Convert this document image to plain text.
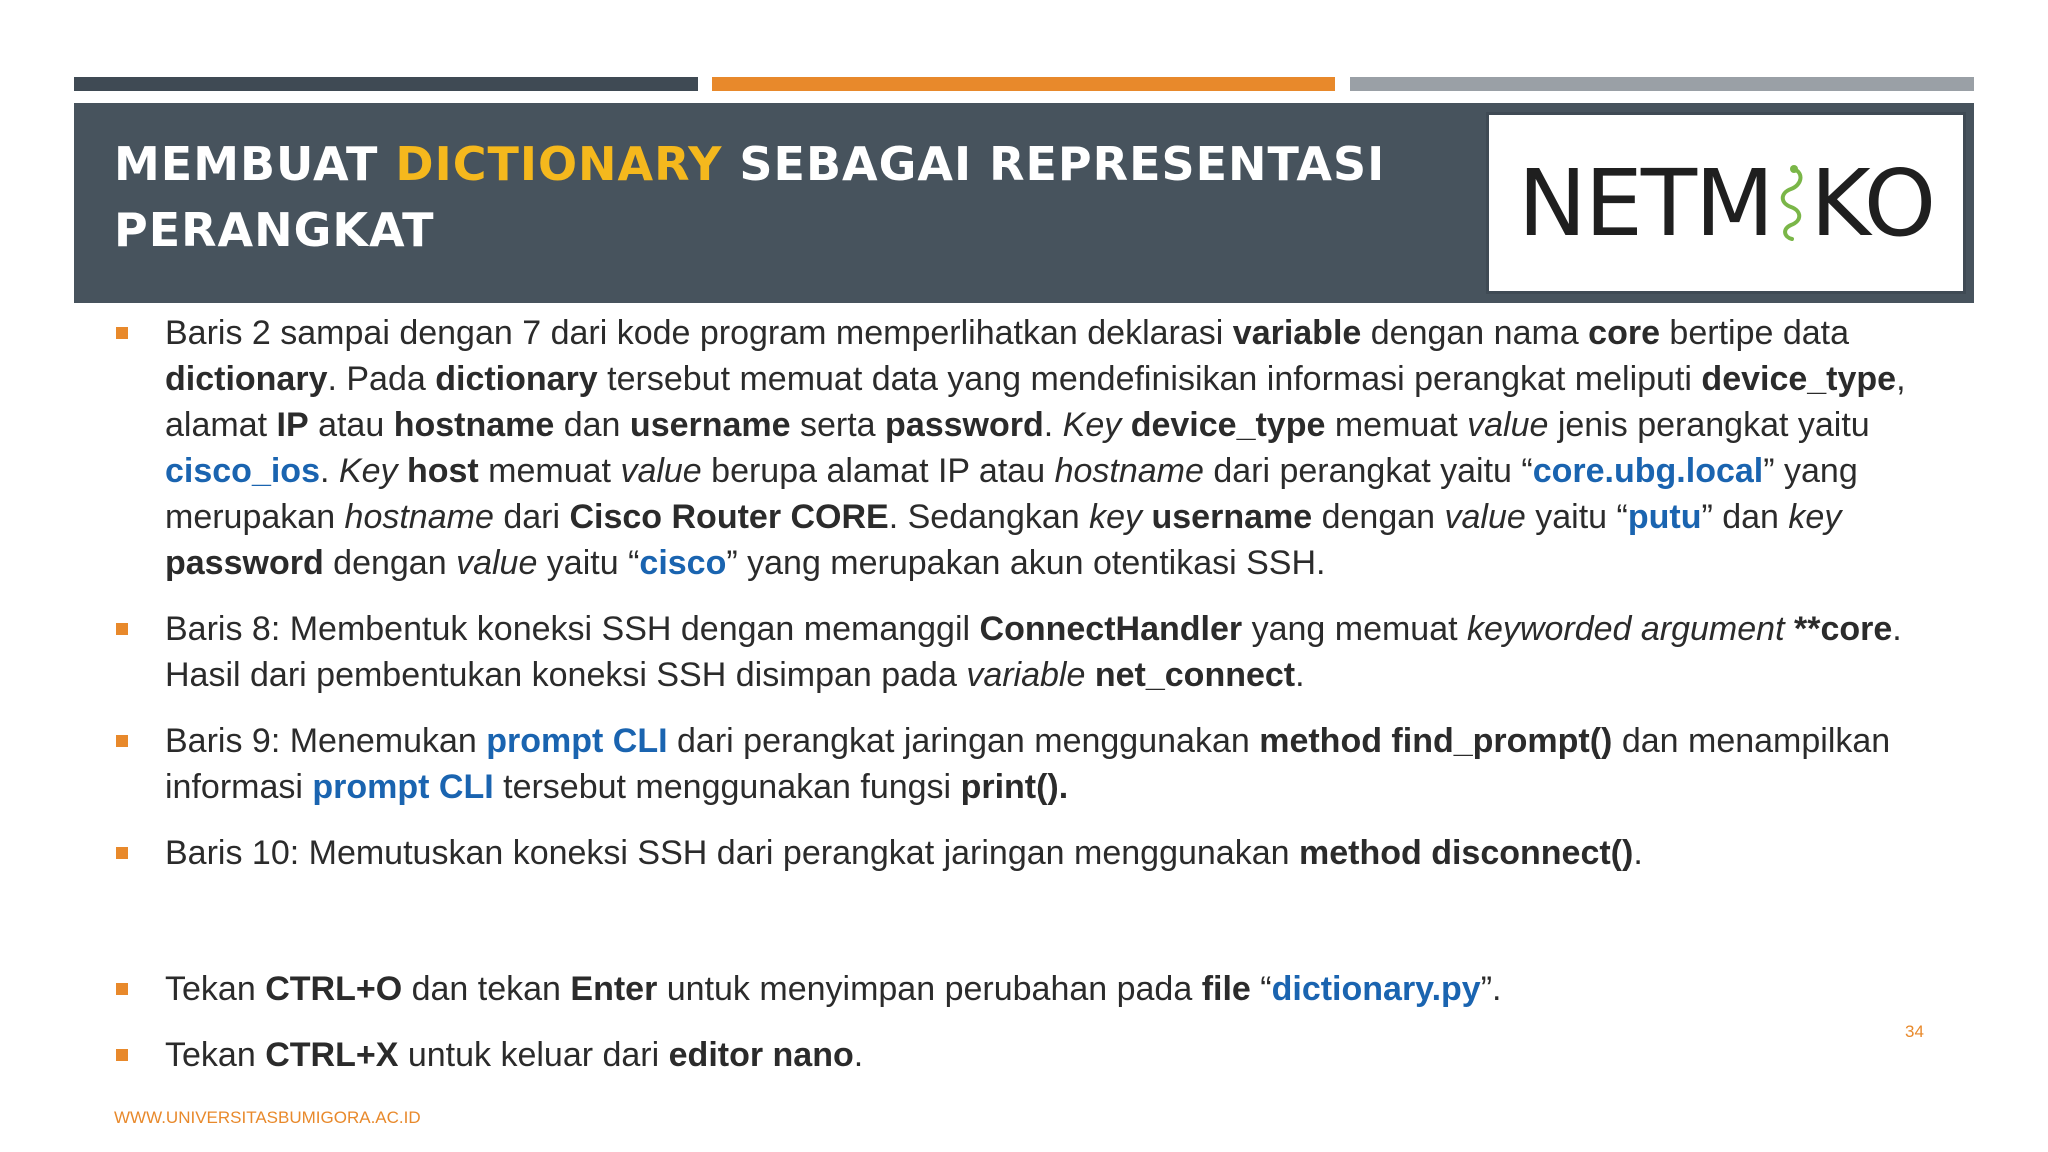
MEMBUAT DICTIONARY SEBAGAI REPRESENTASI PERANGKAT	NETM KO
Baris 2 sampai dengan 7 dari kode program memperlihatkan deklarasi variable dengan nama core bertipe data dictionary. Pada dictionary tersebut memuat data yang mendefinisikan informasi perangkat meliputi device_type, alamat IP atau hostname dan username serta password. Key device_type memuat value jenis perangkat yaitu cisco_ios. Key host memuat value berupa alamat IP atau hostname dari perangkat yaitu “core.ubg.local” yang merupakan hostname dari Cisco Router CORE. Sedangkan key username dengan value yaitu “putu” dan key password dengan value yaitu “cisco” yang merupakan akun otentikasi SSH.
Baris 8: Membentuk koneksi SSH dengan memanggil ConnectHandler yang memuat keyworded argument **core. Hasil dari pembentukan koneksi SSH disimpan pada variable net_connect.
Baris 9: Menemukan prompt CLI dari perangkat jaringan menggunakan method find_prompt() dan menampilkan informasi prompt CLI tersebut menggunakan fungsi print().
Baris 10: Memutuskan koneksi SSH dari perangkat jaringan menggunakan method disconnect().
Tekan CTRL+O dan tekan Enter untuk menyimpan perubahan pada file “dictionary.py”.
Tekan CTRL+X untuk keluar dari editor nano.
34
WWW.UNIVERSITASBUMIGORA.AC.ID
